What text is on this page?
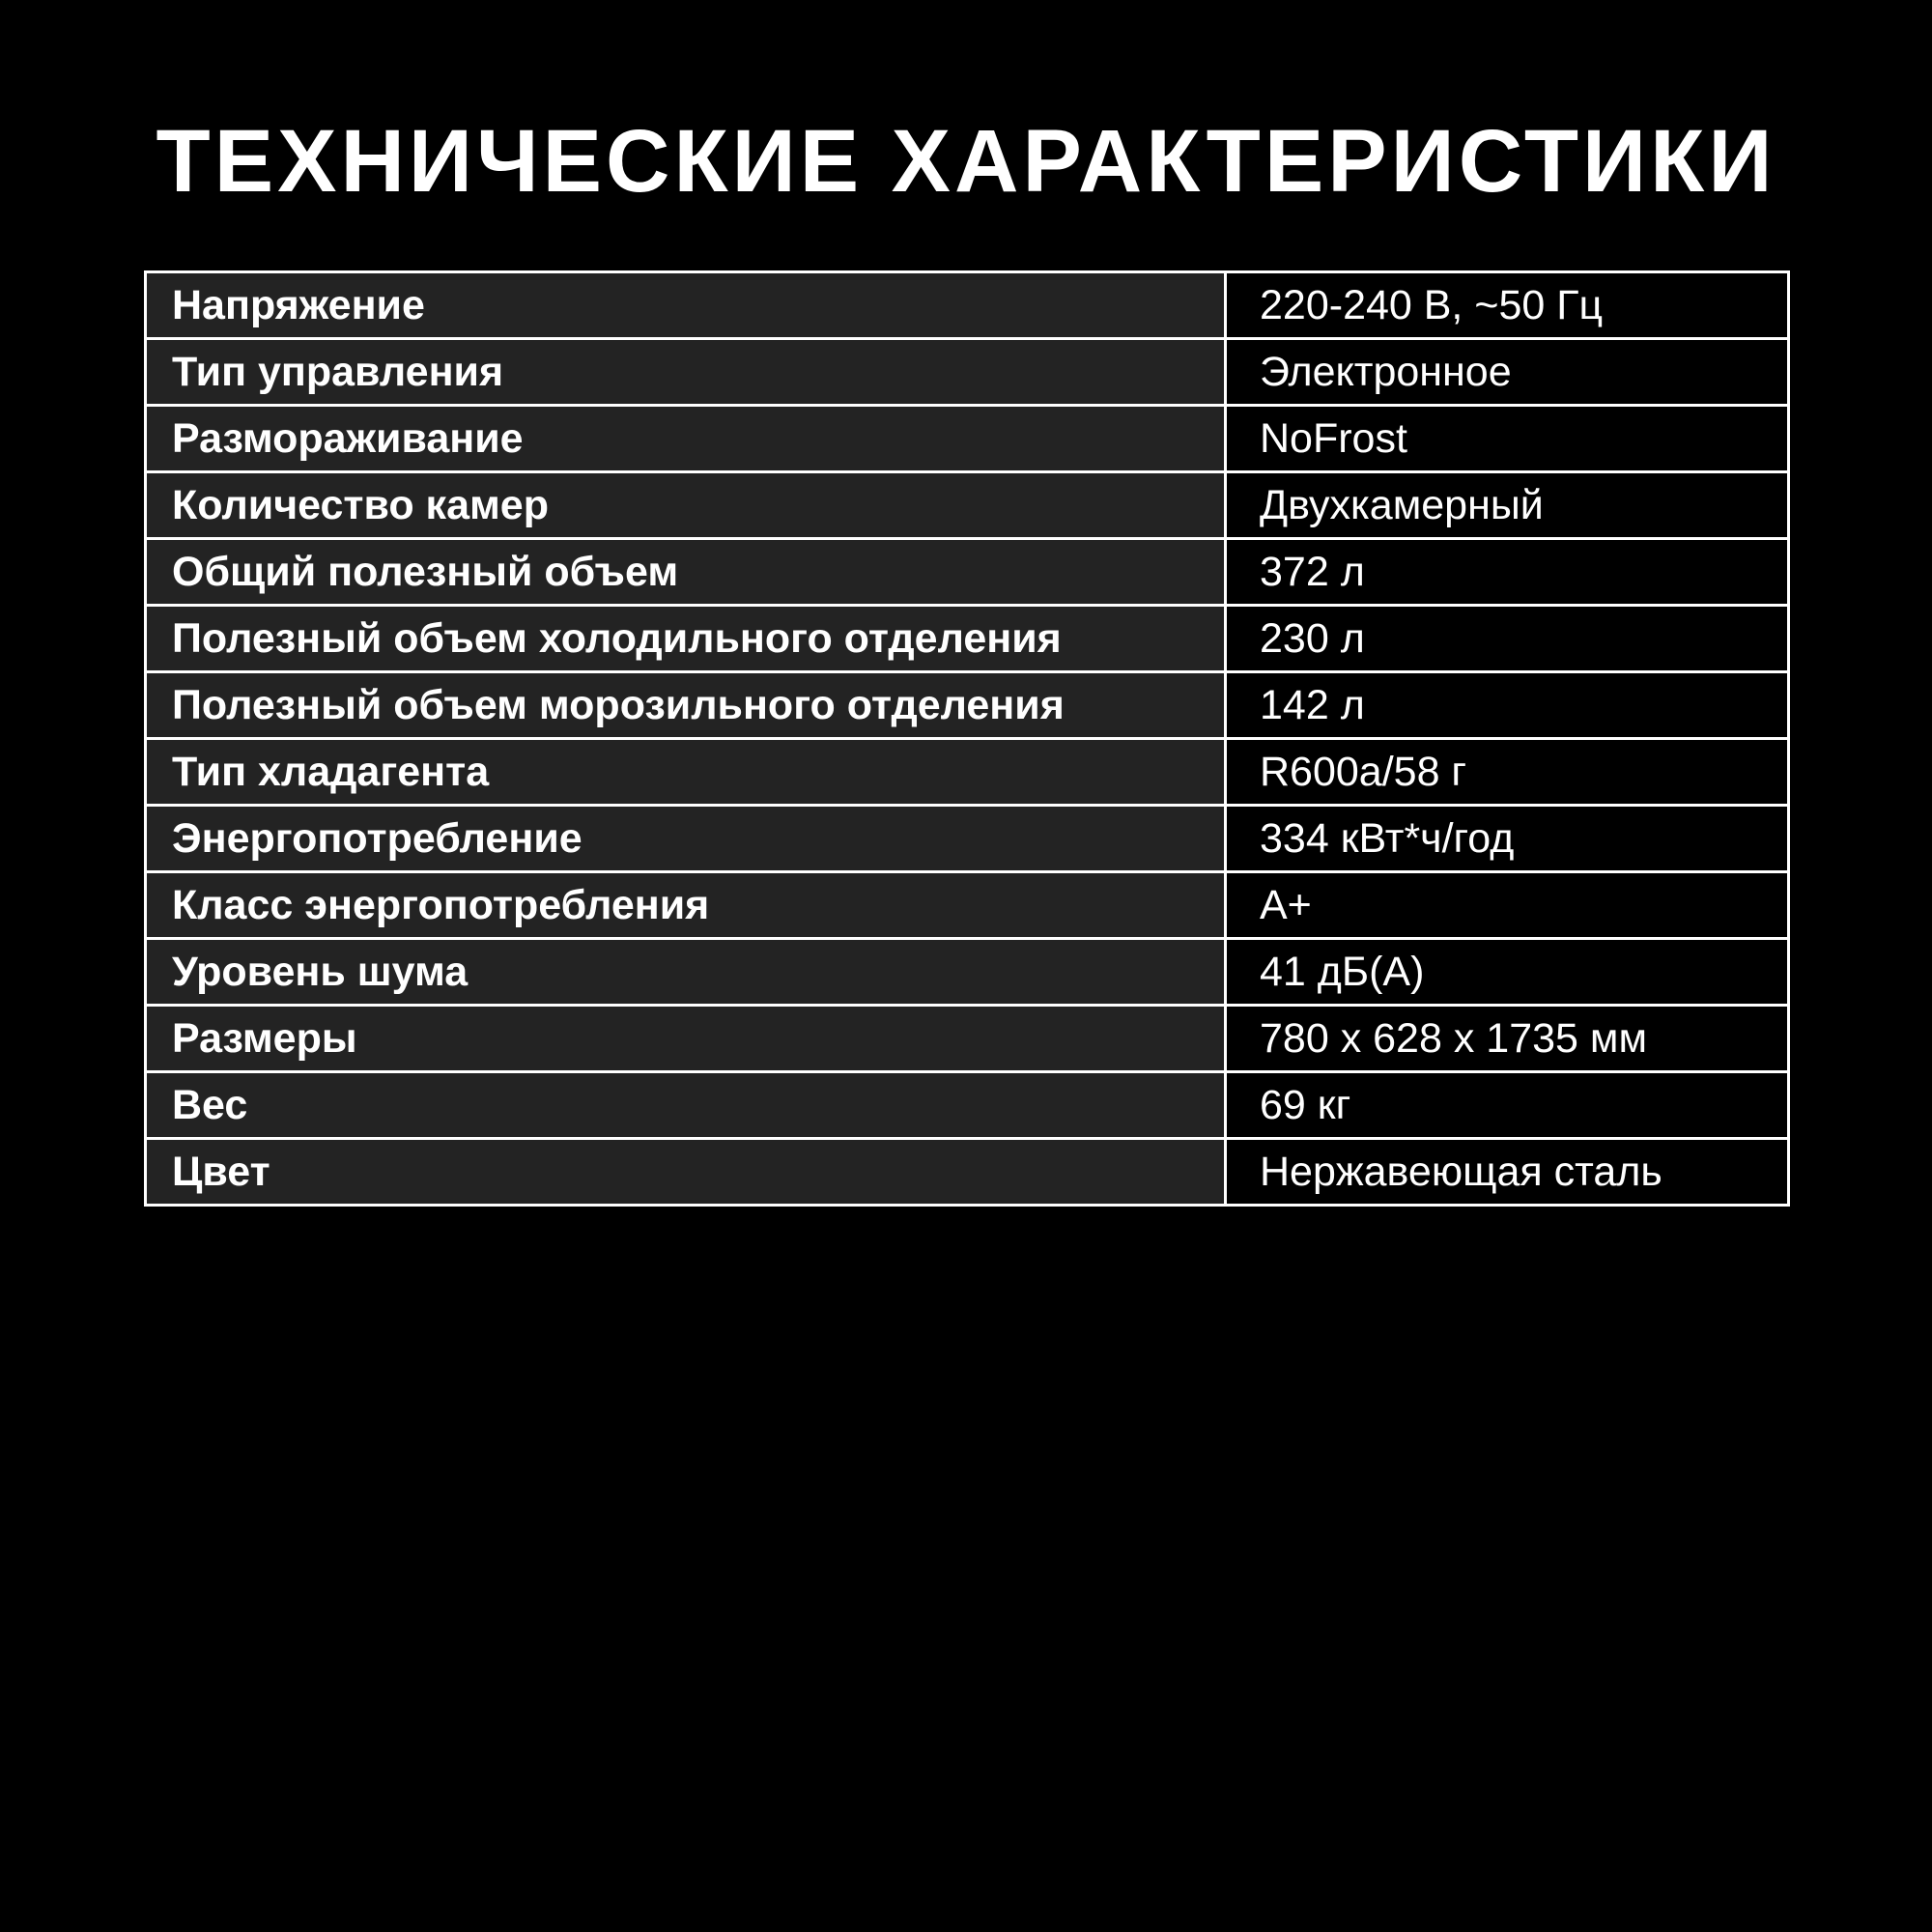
ТЕХНИЧЕСКИЕ ХАРАКТЕРИСТИКИ
Напряжение	220-240 В, ~50 Гц
Тип управления	Электронное
Размораживание	NoFrost
Количество камер	Двухкамерный
Общий полезный объем	372 л
Полезный объем холодильного отделения	230 л
Полезный объем морозильного отделения	142 л
Тип хладагента	R600a/58 г
Энергопотребление	334 кВт*ч/год
Класс энергопотребления	А+
Уровень шума	41 дБ(А)
Размеры	780 x 628 x 1735 мм
Вес	69 кг
Цвет	Нержавеющая сталь
